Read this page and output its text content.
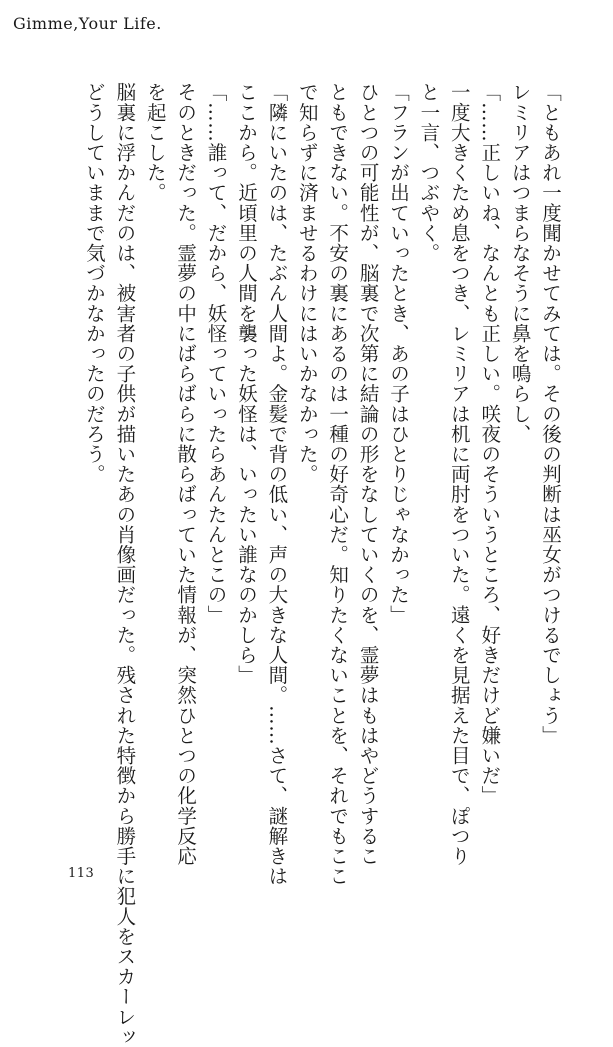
Gimme,Your Life.
「ともあれ一度聞かせてみては。その後の判断は巫女がつけるでしょう」
レミリアはつまらなそうに鼻を鳴らし、
「……正しいね、なんとも正しい。咲夜のそういうところ、好きだけど嫌いだ」
一度大きくため息をつき、レミリアは机に両肘をついた。遠くを見据えた目で、ぽつり
と一言、つぶやく。
「フランが出ていったとき、あの子はひとりじゃなかった」
ひとつの可能性が、脳裏で次第に結論の形をなしていくのを、霊夢はもはやどうするこ
ともできない。不安の裏にあるのは一種の好奇心だ。知りたくないことを、それでもここ
で知らずに済ませるわけにはいかなかった。
「隣にいたのは、たぶん人間よ。金髪で背の低い、声の大きな人間。……さて、謎解きは
ここから。近頃里の人間を襲った妖怪は、いったい誰なのかしら」
「……誰って、だから、妖怪っていったらあんたんとこの」
そのときだった。霊夢の中にばらばらに散らばっていた情報が、突然ひとつの化学反応
を起こした。
脳裏に浮かんだのは、被害者の子供が描いたあの肖像画だった。残された特徴から勝手に犯人をスカーレッ
どうしていままで気づかなかったのだろう。
113
